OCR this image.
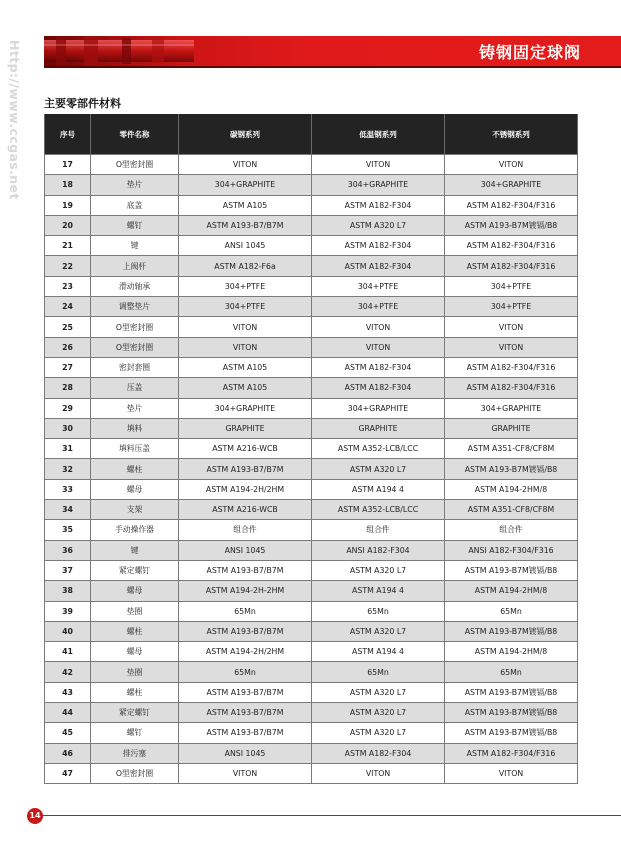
Http://www.ccgas.net	铸钢固定球阀
主要零部件材料
序号	零件名称	碳钢系列	低温钢系列	不锈钢系列
17	O型密封圈	VITON	VITON	VITON
18	垫片	304+GRAPHITE	304+GRAPHITE	304+GRAPHITE
19	底盖	ASTM A105	ASTM A182-F304	ASTM A182-F304/F316
20	螺钉	ASTM A193-B7/B7M	ASTM A320 L7	ASTM A193-B7M镀镉/B8
21	键	ANSI 1045	ASTM A182-F304	ASTM A182-F304/F316
22	上阀杆	ASTM A182-F6a	ASTM A182-F304	ASTM A182-F304/F316
23	滑动轴承	304+PTFE	304+PTFE	304+PTFE
24	调整垫片	304+PTFE	304+PTFE	304+PTFE
25	O型密封圈	VITON	VITON	VITON
26	O型密封圈	VITON	VITON	VITON
27	密封套圈	ASTM A105	ASTM A182-F304	ASTM A182-F304/F316
28	压盖	ASTM A105	ASTM A182-F304	ASTM A182-F304/F316
29	垫片	304+GRAPHITE	304+GRAPHITE	304+GRAPHITE
30	填料	GRAPHITE	GRAPHITE	GRAPHITE
31	填料压盖	ASTM A216-WCB	ASTM A352-LCB/LCC	ASTM A351-CF8/CF8M
32	螺柱	ASTM A193-B7/B7M	ASTM A320 L7	ASTM A193-B7M镀镉/B8
33	螺母	ASTM A194-2H/2HM	ASTM A194 4	ASTM A194-2HM/8
34	支架	ASTM A216-WCB	ASTM A352-LCB/LCC	ASTM A351-CF8/CF8M
35	手动操作器	组合件	组合件	组合件
36	键	ANSI 1045	ANSI A182-F304	ANSI A182-F304/F316
37	紧定螺钉	ASTM A193-B7/B7M	ASTM A320 L7	ASTM A193-B7M镀镉/B8
38	螺母	ASTM A194-2H-2HM	ASTM A194 4	ASTM A194-2HM/8
39	垫圈	65Mn	65Mn	65Mn
40	螺柱	ASTM A193-B7/B7M	ASTM A320 L7	ASTM A193-B7M镀镉/B8
41	螺母	ASTM A194-2H/2HM	ASTM A194 4	ASTM A194-2HM/8
42	垫圈	65Mn	65Mn	65Mn
43	螺柱	ASTM A193-B7/B7M	ASTM A320 L7	ASTM A193-B7M镀镉/B8
44	紧定螺钉	ASTM A193-B7/B7M	ASTM A320 L7	ASTM A193-B7M镀镉/B8
45	螺钉	ASTM A193-B7/B7M	ASTM A320 L7	ASTM A193-B7M镀镉/B8
46	排污塞	ANSI 1045	ASTM A182-F304	ASTM A182-F304/F316
47	O型密封圈	VITON	VITON	VITON
14
